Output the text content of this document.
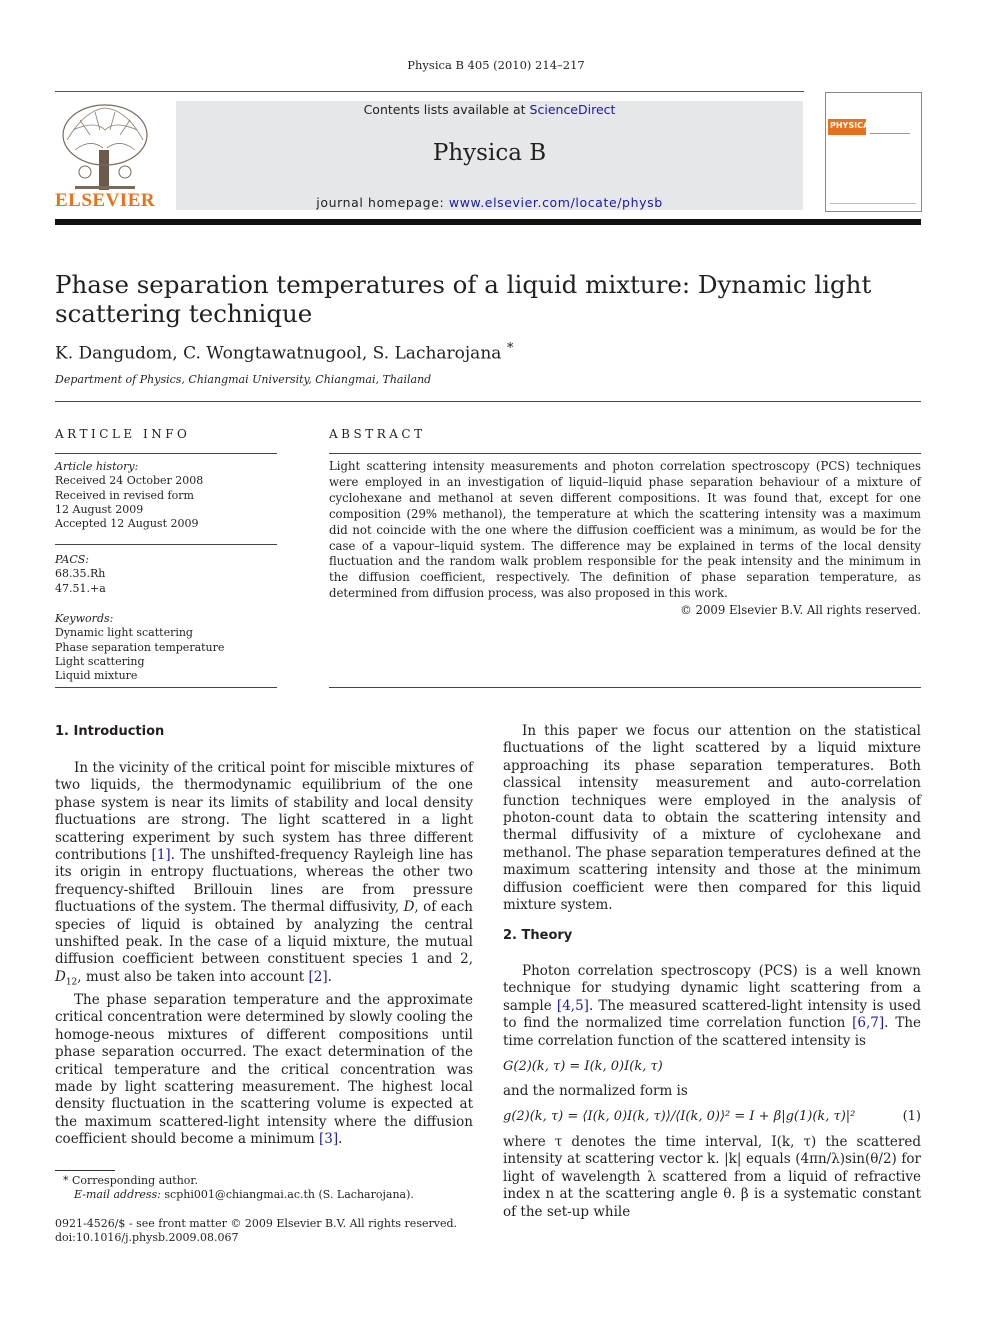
Physica B 405 (2010) 214–217
ELSEVIER
Contents lists available at ScienceDirect
Physica B
journal homepage: www.elsevier.com/locate/physb
PHYSICA
Phase separation temperatures of a liquid mixture: Dynamic light scattering technique
K. Dangudom, C. Wongtawatnugool, S. Lacharojana *
Department of Physics, Chiangmai University, Chiangmai, Thailand
ARTICLE INFO
Article history:
Received 24 October 2008
Received in revised form
12 August 2009
Accepted 12 August 2009
PACS:
68.35.Rh
47.51.+a
Keywords:
Dynamic light scattering
Phase separation temperature
Light scattering
Liquid mixture
ABSTRACT
Light scattering intensity measurements and photon correlation spectroscopy (PCS) techniques were employed in an investigation of liquid–liquid phase separation behaviour of a mixture of cyclohexane and methanol at seven different compositions. It was found that, except for one composition (29% methanol), the temperature at which the scattering intensity was a maximum did not coincide with the one where the diffusion coefficient was a minimum, as would be for the case of a vapour–liquid system. The difference may be explained in terms of the local density fluctuation and the random walk problem responsible for the peak intensity and the minimum in the diffusion coefficient, respectively. The definition of phase separation temperature, as determined from diffusion process, was also proposed in this work.
© 2009 Elsevier B.V. All rights reserved.
1. Introduction

In the vicinity of the critical point for miscible mixtures of two liquids, the thermodynamic equilibrium of the one phase system is near its limits of stability and local density fluctuations are strong. The light scattered in a light scattering experiment by such system has three different contributions [1]. The unshifted-frequency Rayleigh line has its origin in entropy fluctuations, whereas the other two frequency-shifted Brillouin lines are from pressure fluctuations of the system. The thermal diffusivity, D, of each species of liquid is obtained by analyzing the central unshifted peak. In the case of a liquid mixture, the mutual diffusion coefficient between constituent species 1 and 2, $D_{12}$, must also be taken into account [2].

The phase separation temperature and the approximate critical concentration were determined by slowly cooling the homoge-neous mixtures of different compositions until phase separation occurred. The exact determination of the critical temperature and the critical concentration was made by light scattering measurement. The highest local density fluctuation in the scattering volume is expected at the maximum scattered-light intensity where the diffusion coefficient should become a minimum [3].

* Corresponding author.
E-mail address: scphi001@chiangmai.ac.th (S. Lacharojana).
0921-4526/$ - see front matter © 2009 Elsevier B.V. All rights reserved.
doi:10.1016/j.physb.2009.08.067

In this paper we focus our attention on the statistical fluctuations of the light scattered by a liquid mixture approaching its phase separation temperatures. Both classical intensity measurement and auto-correlation function techniques were employed in the analysis of photon-count data to obtain the scattering intensity and thermal diffusivity of a mixture of cyclohexane and methanol. The phase separation temperatures defined at the maximum scattering intensity and those at the minimum diffusion coefficient were then compared for this liquid mixture system.

2. Theory

Photon correlation spectroscopy (PCS) is a well known technique for studying dynamic light scattering from a sample [4,5]. The measured scattered-light intensity is used to find the normalized time correlation function [6,7]. The time correlation function of the scattered intensity is

G(2)(k, τ) = I(k, 0)I(k, τ)
and the normalized form is
g(2)(k, τ) = ⟨I(k, 0)I(k, τ)⟩/⟨I(k, 0)⟩² = I + β|g(1)(k, τ)|²	(1)
where τ denotes the time interval, I(k, τ) the scattered intensity at scattering vector k. |k| equals (4πn/λ)sin(θ/2) for light of wavelength λ scattered from a liquid of refractive index n at the scattering angle θ. β is a systematic constant of the set-up while
